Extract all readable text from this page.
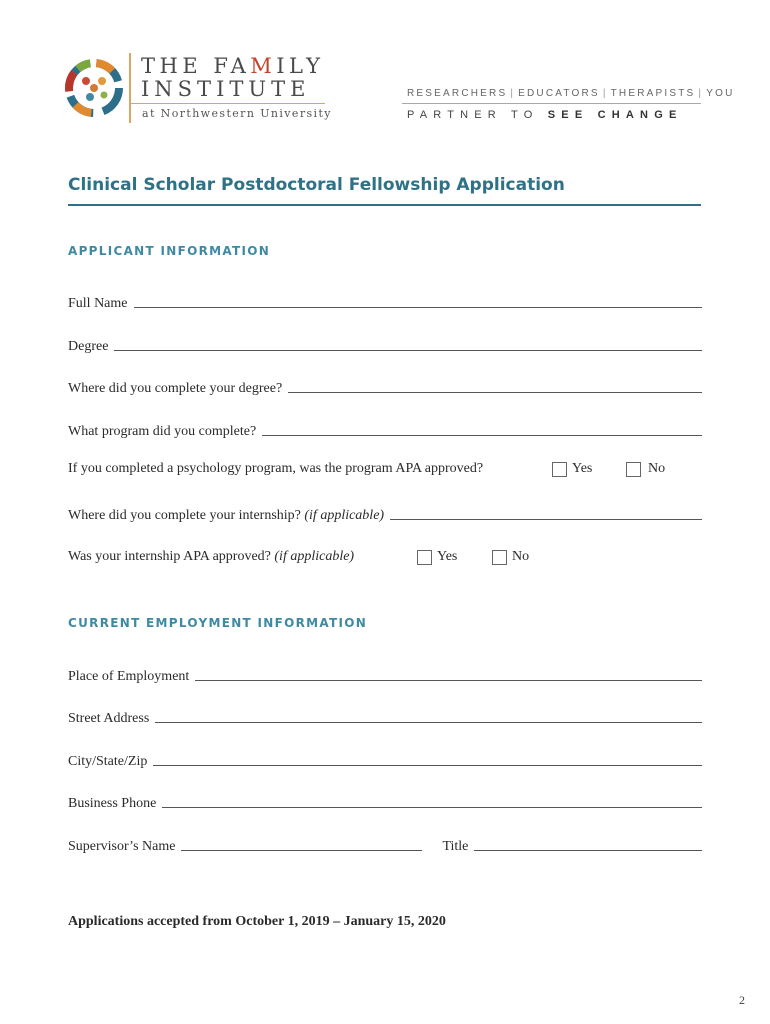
THE FAMILY
INSTITUTE
at Northwestern University
RESEARCHERS | EDUCATORS | THERAPISTS | YOU
PARTNER TO SEE CHANGE
Clinical Scholar Postdoctoral Fellowship Application
APPLICANT INFORMATION
Full Name
Degree
Where did you complete your degree?
What program did you complete?
If you completed a psychology program, was the program APA approved?	Yes	No
Where did you complete your internship? (if applicable)
Was your internship APA approved? (if applicable)	Yes	No
CURRENT EMPLOYMENT INFORMATION
Place of Employment
Street Address
City/State/Zip
Business Phone
Supervisor’s Name	Title
Applications accepted from October 1, 2019 – January 15, 2020
2
